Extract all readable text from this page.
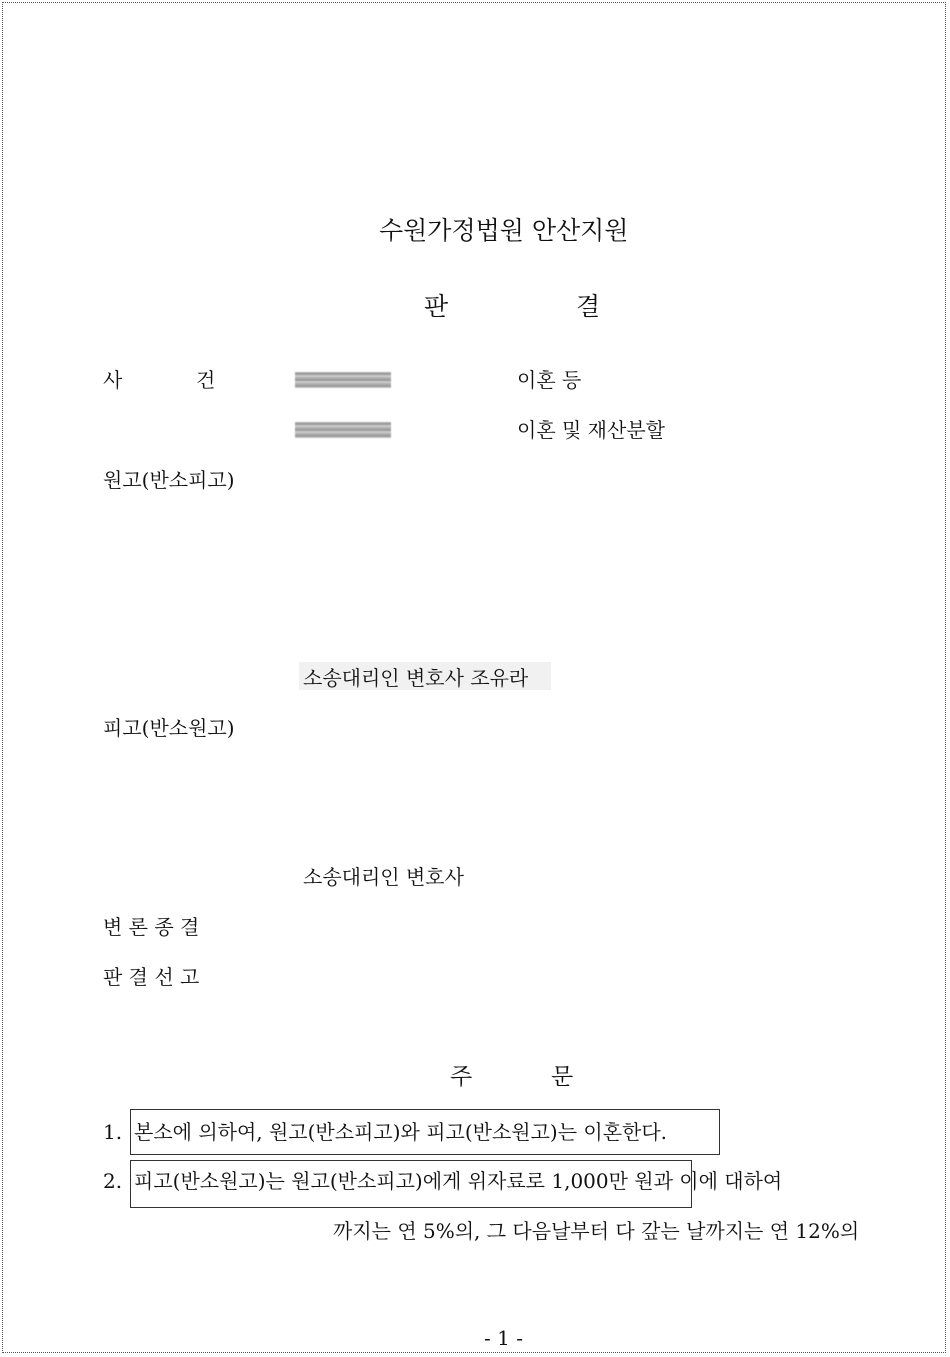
수원가정법원 안산지원
판	결
사	건	이혼 등
이혼 및 재산분할
원고(반소피고)
소송대리인 변호사 조유라
피고(반소원고)
소송대리인 변호사
변 론 종 결
판 결 선 고
주	문
1. 본소에 의하여, 원고(반소피고)와 피고(반소원고)는 이혼한다.
2. 피고(반소원고)는 원고(반소피고)에게 위자료로 1,000만 원과 이에 대하여
까지는 연 5%의, 그 다음날부터 다 갚는 날까지는 연 12%의
- 1 -
